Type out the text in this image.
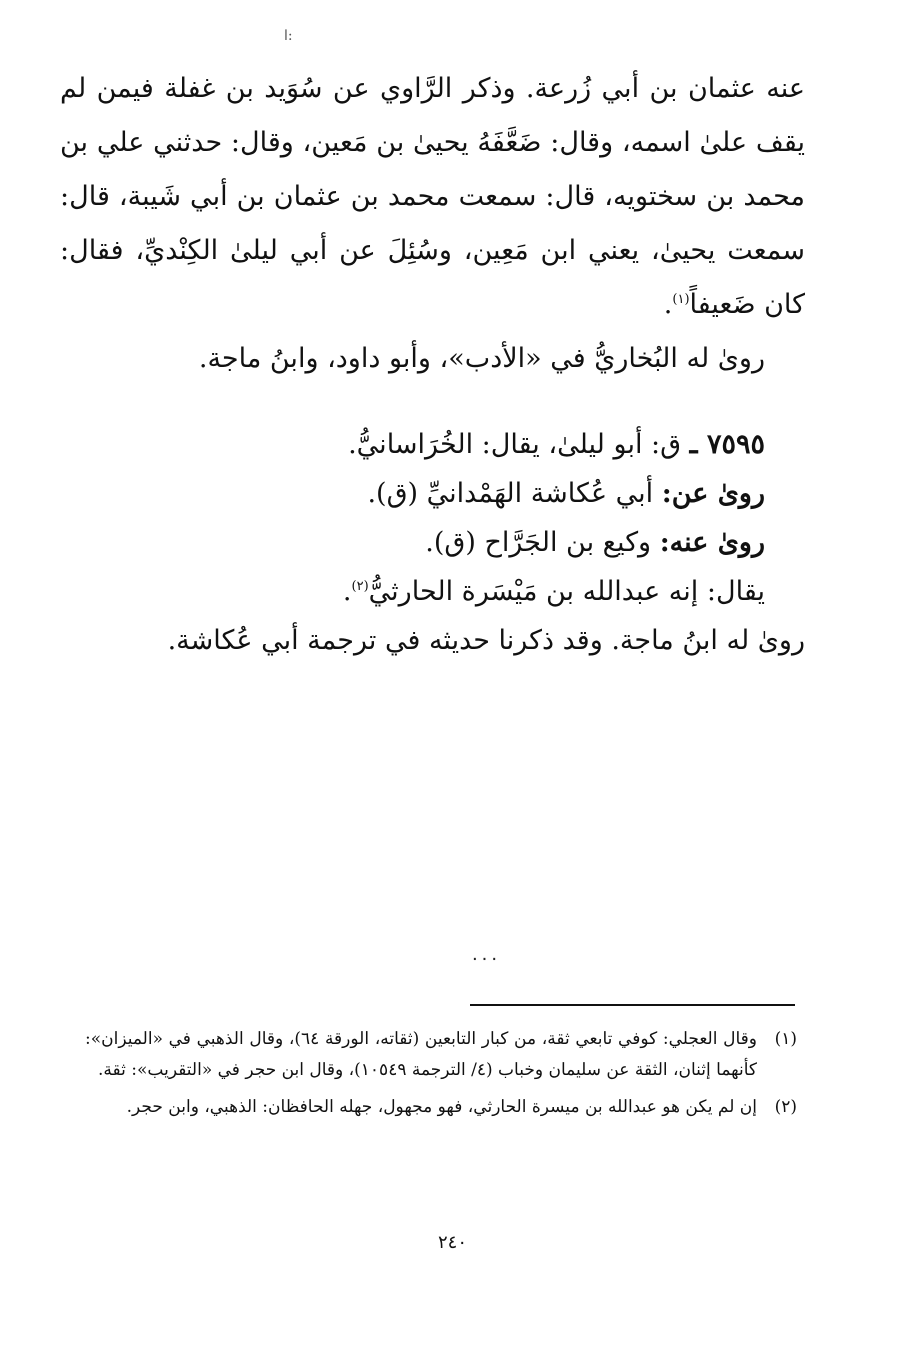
ا:

عنه عثمان بن أبي زُرعة. وذكر الرَّاوي عن سُوَيد بن غفلة فيمن لم يقف علىٰ اسمه، وقال: ضَعَّفَهُ يحيىٰ بن مَعين، وقال: حدثني علي بن محمد بن سختويه، قال: سمعت محمد بن عثمان بن أبي شَيبة، قال: سمعت يحيىٰ، يعني ابن مَعِين، وسُئِلَ عن أبي ليلىٰ الكِنْديِّ، فقال: كان ضَعيفاً$^{(١)}$.

روىٰ له البُخاريُّ في «الأدب»، وأبو داود، وابنُ ماجة.

٧٥٩٥ ـ ق: أبو ليلىٰ، يقال: الخُرَاسانيُّ.

روىٰ عن: أبي عُكاشة الهَمْدانيِّ (ق).

روىٰ عنه: وكيع بن الجَرَّاح (ق).

يقال: إنه عبدالله بن مَيْسَرة الحارثيُّ$^{(٢)}$.

روىٰ له ابنُ ماجة. وقد ذكرنا حديثه في ترجمة أبي عُكاشة.

٠٠٠
(١)
وقال العجلي: كوفي تابعي ثقة، من كبار التابعين (ثقاته، الورقة ٦٤)، وقال الذهبي في «الميزان»: كأنهما إثنان، الثقة عن سليمان وخباب (٤/ الترجمة ١٠٥٤٩)، وقال ابن حجر في «التقريب»: ثقة.
(٢)
إن لم يكن هو عبدالله بن ميسرة الحارثي، فهو مجهول، جهله الحافظان: الذهبي، وابن حجر.
٢٤٠
